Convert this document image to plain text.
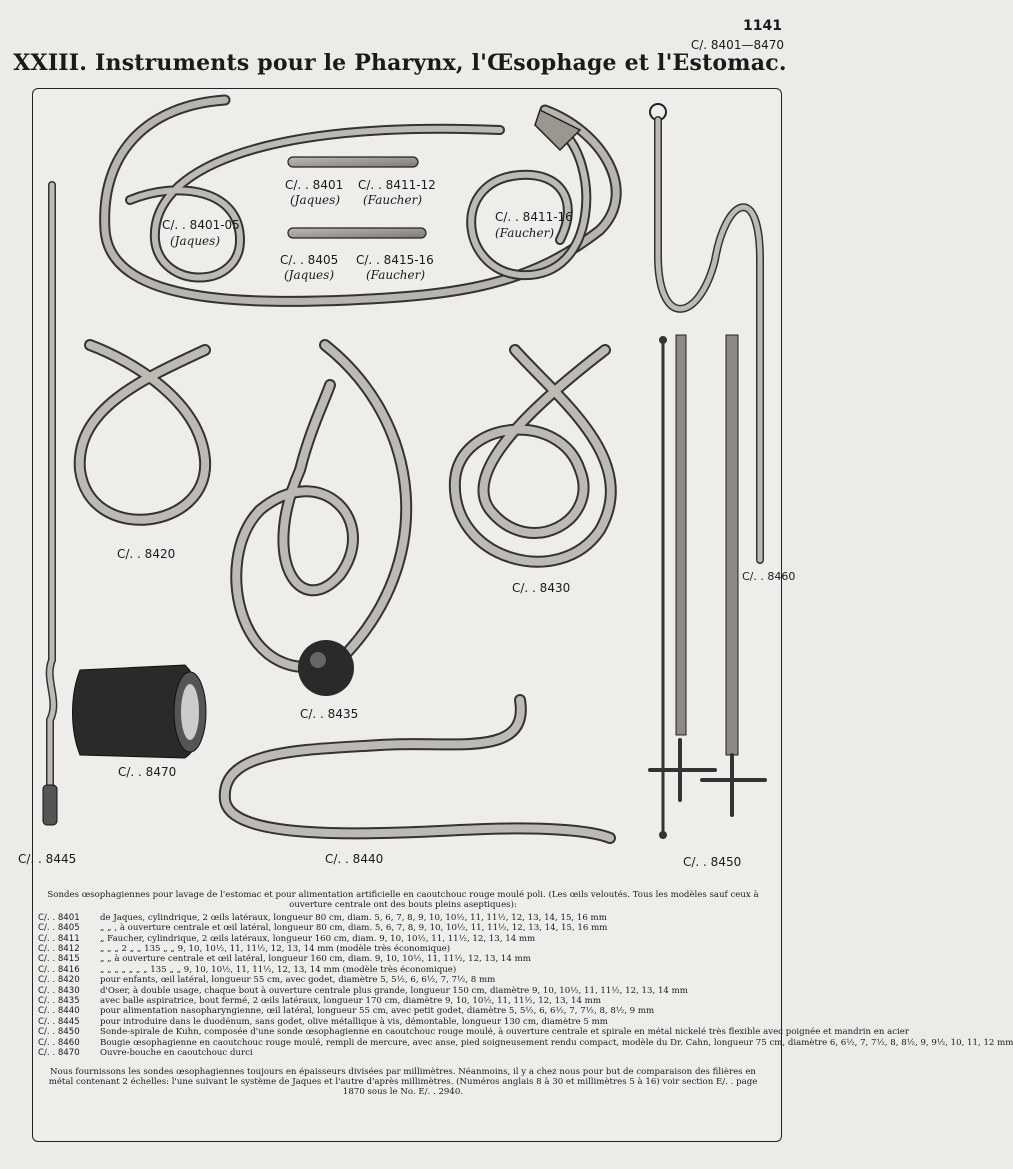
1141
C/. 8401—8470
XXIII. Instruments pour le Pharynx, l'Œsophage et l'Estomac.
C/. . 8401
(Jaques)
C/. . 8411-12
(Faucher)
C/. . 8401-05
(Jaques)
C/. . 8405
(Jaques)
C/. . 8415-16
(Faucher)
C/. . 8411-16
(Faucher)
C/. . 8420
C/. . 8430
C/. . 8460
C/. . 8435
C/. . 8470
C/. . 8445	C/. . 8440	C/. . 8450
Sondes œsophagiennes pour lavage de l'estomac et pour alimentation artificielle en caoutchouc rouge moulé poli. (Les œils veloutés. Tous les modèles sauf ceux à ouverture centrale ont des bouts pleins aseptiques):
C/. . 8401 de Jaques, cylindrique, 2 œils latéraux, longueur 80 cm, diam. 5, 6, 7, 8, 9, 10, 10½, 11, 11½, 12, 13, 14, 15, 16 mm
C/. . 8405 „ „ , à ouverture centrale et œil latéral, longueur 80 cm, diam. 5, 6, 7, 8, 9, 10, 10½, 11, 11½, 12, 13, 14, 15, 16 mm
C/. . 8411 „ Faucher, cylindrique, 2 œils latéraux, longueur 160 cm, diam. 9, 10, 10½, 11, 11½, 12, 13, 14 mm
C/. . 8412 „ „ „ 2 „ „ 135 „ „ 9, 10, 10½, 11, 11½, 12, 13, 14 mm (modèle très économique)
C/. . 8415 „ „ à ouverture centrale et œil latéral, longueur 160 cm, diam. 9, 10, 10½, 11, 11½, 12, 13, 14 mm
C/. . 8416 „ „ „ „ „ „ „ 135 „ „ 9, 10, 10½, 11, 11½, 12, 13, 14 mm (modèle très économique)
C/. . 8420 pour enfants, œil latéral, longueur 55 cm, avec godet, diamètre 5, 5½, 6, 6½, 7, 7½, 8 mm
C/. . 8430 d'Oser, à double usage, chaque bout à ouverture centrale plus grande, longueur 150 cm, diamètre 9, 10, 10½, 11, 11½, 12, 13, 14 mm
C/. . 8435 avec balle aspiratrice, bout fermé, 2 œils latéraux, longueur 170 cm, diamètre 9, 10, 10½, 11, 11½, 12, 13, 14 mm
C/. . 8440 pour alimentation nasopharyngienne, œil latéral, longueur 55 cm, avec petit godet, diamètre 5, 5½, 6, 6½, 7, 7½, 8, 8½, 9 mm
C/. . 8445 pour introduire dans le duodénum, sans godet, olive métallique à vis, démontable, longueur 130 cm, diamètre 5 mm
C/. . 8450 Sonde-spirale de Kuhn, composée d'une sonde œsophagienne en caoutchouc rouge moulé, à ouverture centrale et spirale en métal nickelé très flexible avec poignée et mandrin en acier
C/. . 8460 Bougie œsophagienne en caoutchouc rouge moulé, rempli de mercure, avec anse, pied soigneusement rendu compact, modèle du Dr. Cahn, longueur 75 cm, diamètre 6, 6½, 7, 7½, 8, 8½, 9, 9½, 10, 11, 12 mm
C/. . 8470 Ouvre-bouche en caoutchouc durci
Nous fournissons les sondes œsophagiennes toujours en épaisseurs divisées par millimètres. Néanmoins, il y a chez nous pour but de comparaison des filières en métal contenant 2 échelles: l'une suivant le système de Jaques et l'autre d'après millimètres. (Numéros anglais 8 à 30 et millimètres 5 à 16) voir section E/. . page 1870 sous le No. E/. . 2940.
